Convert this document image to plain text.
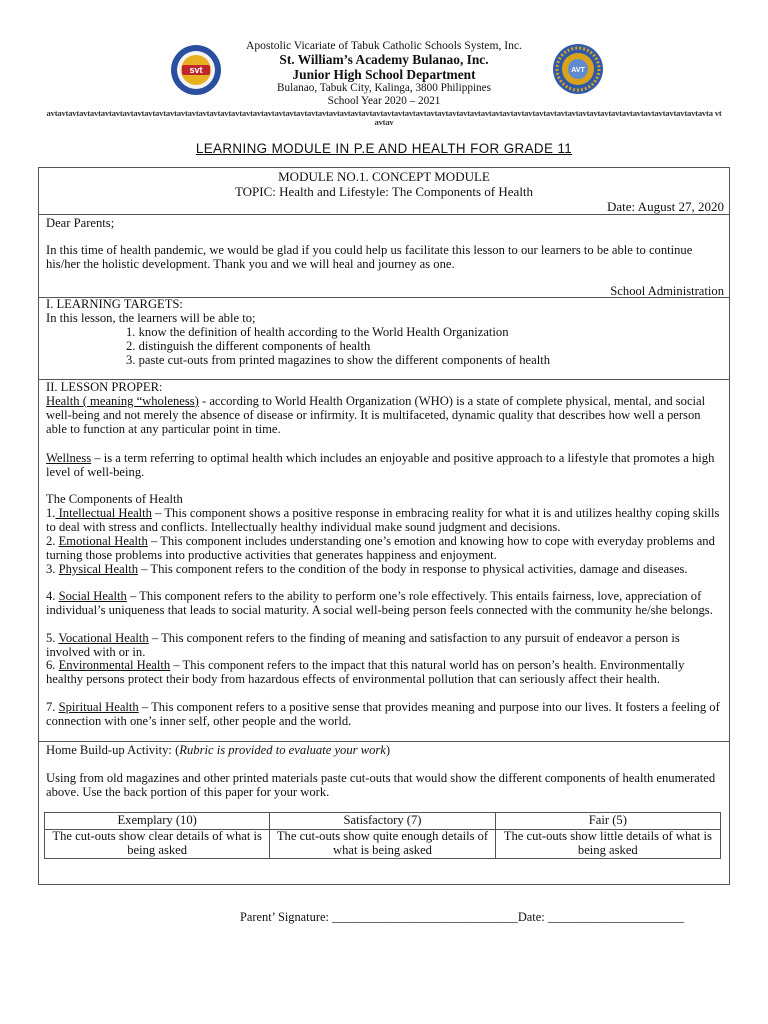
svt	AVT
Apostolic Vicariate of Tabuk Catholic Schools System, Inc.
St. William’s Academy Bulanao, Inc.
Junior High School Department
Bulanao, Tabuk City, Kalinga, 3800 Philippines
School Year 2020 – 2021
avtavtavtavtavtavtavtavtavtavtavtavtavtavtavtavtavtavtavtavtavtavtavtavtavtavtavtavtavtavtavtavtavtavtavtavtavtavtavtavtavtavtavtavtavtavtavtavtavtavtavtavtavtavtavtavtavtavtavtavtavta vtavtav
LEARNING MODULE IN P.E AND HEALTH FOR GRADE 11
MODULE NO.1. CONCEPT MODULE
TOPIC: Health and Lifestyle: The Components of Health
Date: August 27, 2020
Dear Parents;
In this time of health pandemic, we would be glad if you could help us facilitate this lesson to our learners to be able to continue his/her the holistic development. Thank you and we will heal and journey as one.
School Administration
I. LEARNING TARGETS:
In this lesson, the learners will be able to;
1. know the definition of health according to the World Health Organization
2. distinguish the different components of health
3. paste cut-outs from printed magazines to show the different components of health
II. LESSON PROPER:
Health ( meaning “wholeness) - according to World Health Organization (WHO) is a state of complete physical, mental, and social well-being and not merely the absence of disease or infirmity. It is multifaceted, dynamic quality that describes how well a person able to function at any particular point in time.
Wellness – is a term referring to optimal health which includes an enjoyable and positive approach to a lifestyle that promotes a high level of well-being.
The Components of Health
1. Intellectual Health – This component shows a positive response in embracing reality for what it is and utilizes healthy coping skills to deal with stress and conflicts. Intellectually healthy individual make sound judgment and decisions.
2. Emotional Health – This component includes understanding one’s emotion and knowing how to cope with everyday problems and turning those problems into productive activities that generates happiness and enjoyment.
3. Physical Health – This component refers to the condition of the body in response to physical activities, damage and diseases.
4. Social Health – This component refers to the ability to perform one’s role effectively. This entails fairness, love, appreciation of individual’s uniqueness that leads to social maturity. A social well-being person feels connected with the community he/she belongs.
5. Vocational Health – This component refers to the finding of meaning and satisfaction to any pursuit of endeavor a person is involved with or in.
6. Environmental Health – This component refers to the impact that this natural world has on person’s health. Environmentally healthy persons protect their body from hazardous effects of environmental pollution that can seriously affect their health.
7. Spiritual Health – This component refers to a positive sense that provides meaning and purpose into our lives. It fosters a feeling of connection with one’s inner self, other people and the world.
Home Build-up Activity: (Rubric is provided to evaluate your work)
Using from old magazines and other printed materials paste cut-outs that would show the different components of health enumerated above. Use the back portion of this paper for your work.
Exemplary (10)	Satisfactory (7)	Fair (5)
The cut-outs show clear details of what is being asked	The cut-outs show quite enough details of what is being asked	The cut-outs show little details of what is being asked
Parent’ Signature: ______________________________Date: ______________________
